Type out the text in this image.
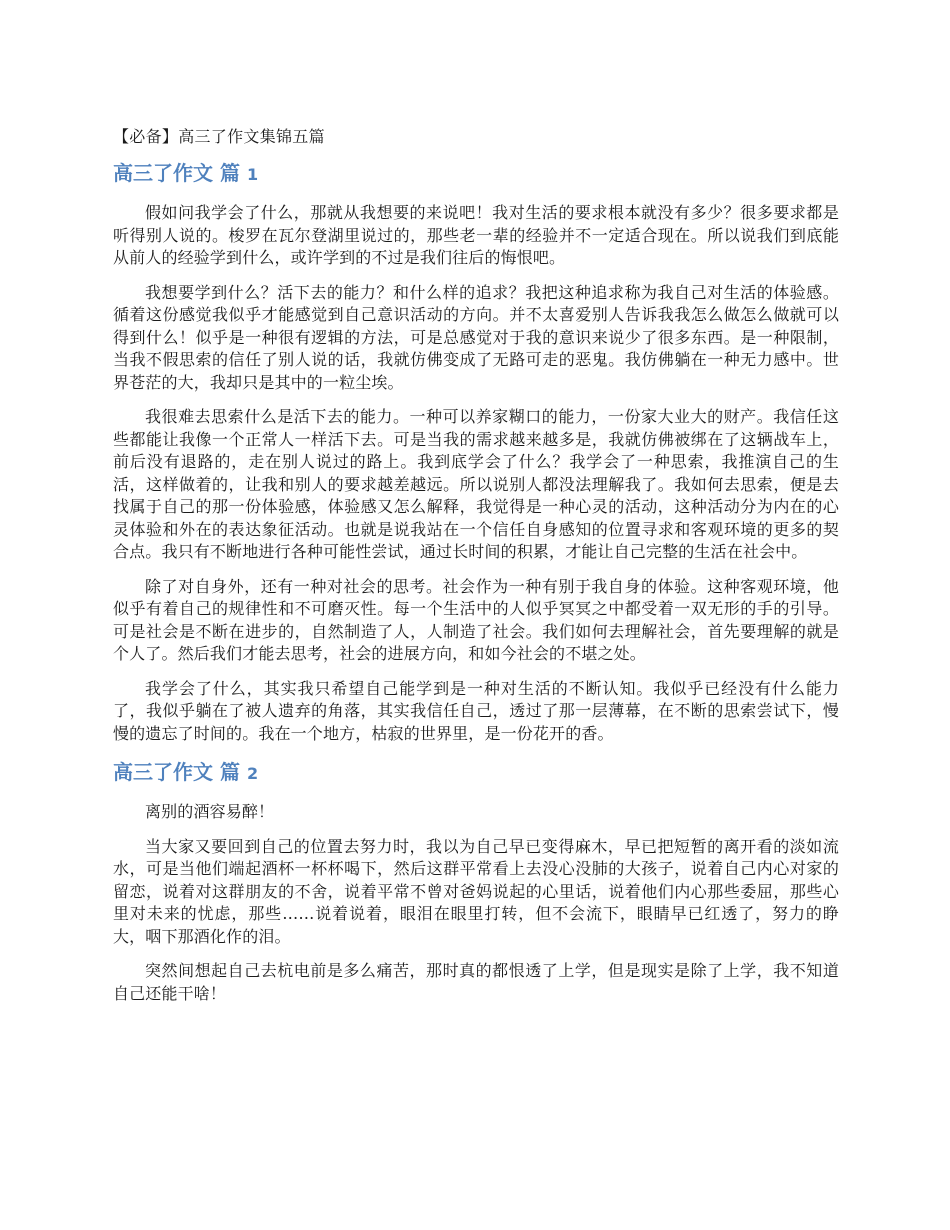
【必备】高三了作文集锦五篇
高三了作文 篇 1

假如问我学会了什么，那就从我想要的来说吧！我对生活的要求根本就没有多少？很多要求都是听得别人说的。梭罗在瓦尔登湖里说过的，那些老一辈的经验并不一定适合现在。所以说我们到底能从前人的经验学到什么，或许学到的不过是我们往后的悔恨吧。

我想要学到什么？活下去的能力？和什么样的追求？我把这种追求称为我自己对生活的体验感。循着这份感觉我似乎才能感觉到自己意识活动的方向。并不太喜爱别人告诉我我怎么做怎么做就可以得到什么！似乎是一种很有逻辑的方法，可是总感觉对于我的意识来说少了很多东西。是一种限制，当我不假思索的信任了别人说的话，我就仿佛变成了无路可走的恶鬼。我仿佛躺在一种无力感中。世界苍茫的大，我却只是其中的一粒尘埃。

我很难去思索什么是活下去的能力。一种可以养家糊口的能力，一份家大业大的财产。我信任这些都能让我像一个正常人一样活下去。可是当我的需求越来越多是，我就仿佛被绑在了这辆战车上，前后没有退路的，走在别人说过的路上。我到底学会了什么？我学会了一种思索，我推演自己的生活，这样做着的，让我和别人的要求越差越远。所以说别人都没法理解我了。我如何去思索，便是去找属于自己的那一份体验感，体验感又怎么解释，我觉得是一种心灵的活动，这种活动分为内在的心灵体验和外在的表达象征活动。也就是说我站在一个信任自身感知的位置寻求和客观环境的更多的契合点。我只有不断地进行各种可能性尝试，通过长时间的积累，才能让自己完整的生活在社会中。

除了对自身外，还有一种对社会的思考。社会作为一种有别于我自身的体验。这种客观环境，他似乎有着自己的规律性和不可磨灭性。每一个生活中的人似乎冥冥之中都受着一双无形的手的引导。可是社会是不断在进步的，自然制造了人，人制造了社会。我们如何去理解社会，首先要理解的就是个人了。然后我们才能去思考，社会的进展方向，和如今社会的不堪之处。

我学会了什么，其实我只希望自己能学到是一种对生活的不断认知。我似乎已经没有什么能力了，我似乎躺在了被人遗弃的角落，其实我信任自己，透过了那一层薄幕，在不断的思索尝试下，慢慢的遗忘了时间的。我在一个地方，枯寂的世界里，是一份花开的香。

高三了作文 篇 2

离别的酒容易醉！

当大家又要回到自己的位置去努力时，我以为自己早已变得麻木，早已把短暂的离开看的淡如流水，可是当他们端起酒杯一杯杯喝下，然后这群平常看上去没心没肺的大孩子，说着自己内心对家的留恋，说着对这群朋友的不舍，说着平常不曾对爸妈说起的心里话，说着他们内心那些委屈，那些心里对未来的忧虑，那些……说着说着，眼泪在眼里打转，但不会流下，眼睛早已红透了，努力的睁大，咽下那酒化作的泪。

突然间想起自己去杭电前是多么痛苦，那时真的都恨透了上学，但是现实是除了上学，我不知道自己还能干啥！
